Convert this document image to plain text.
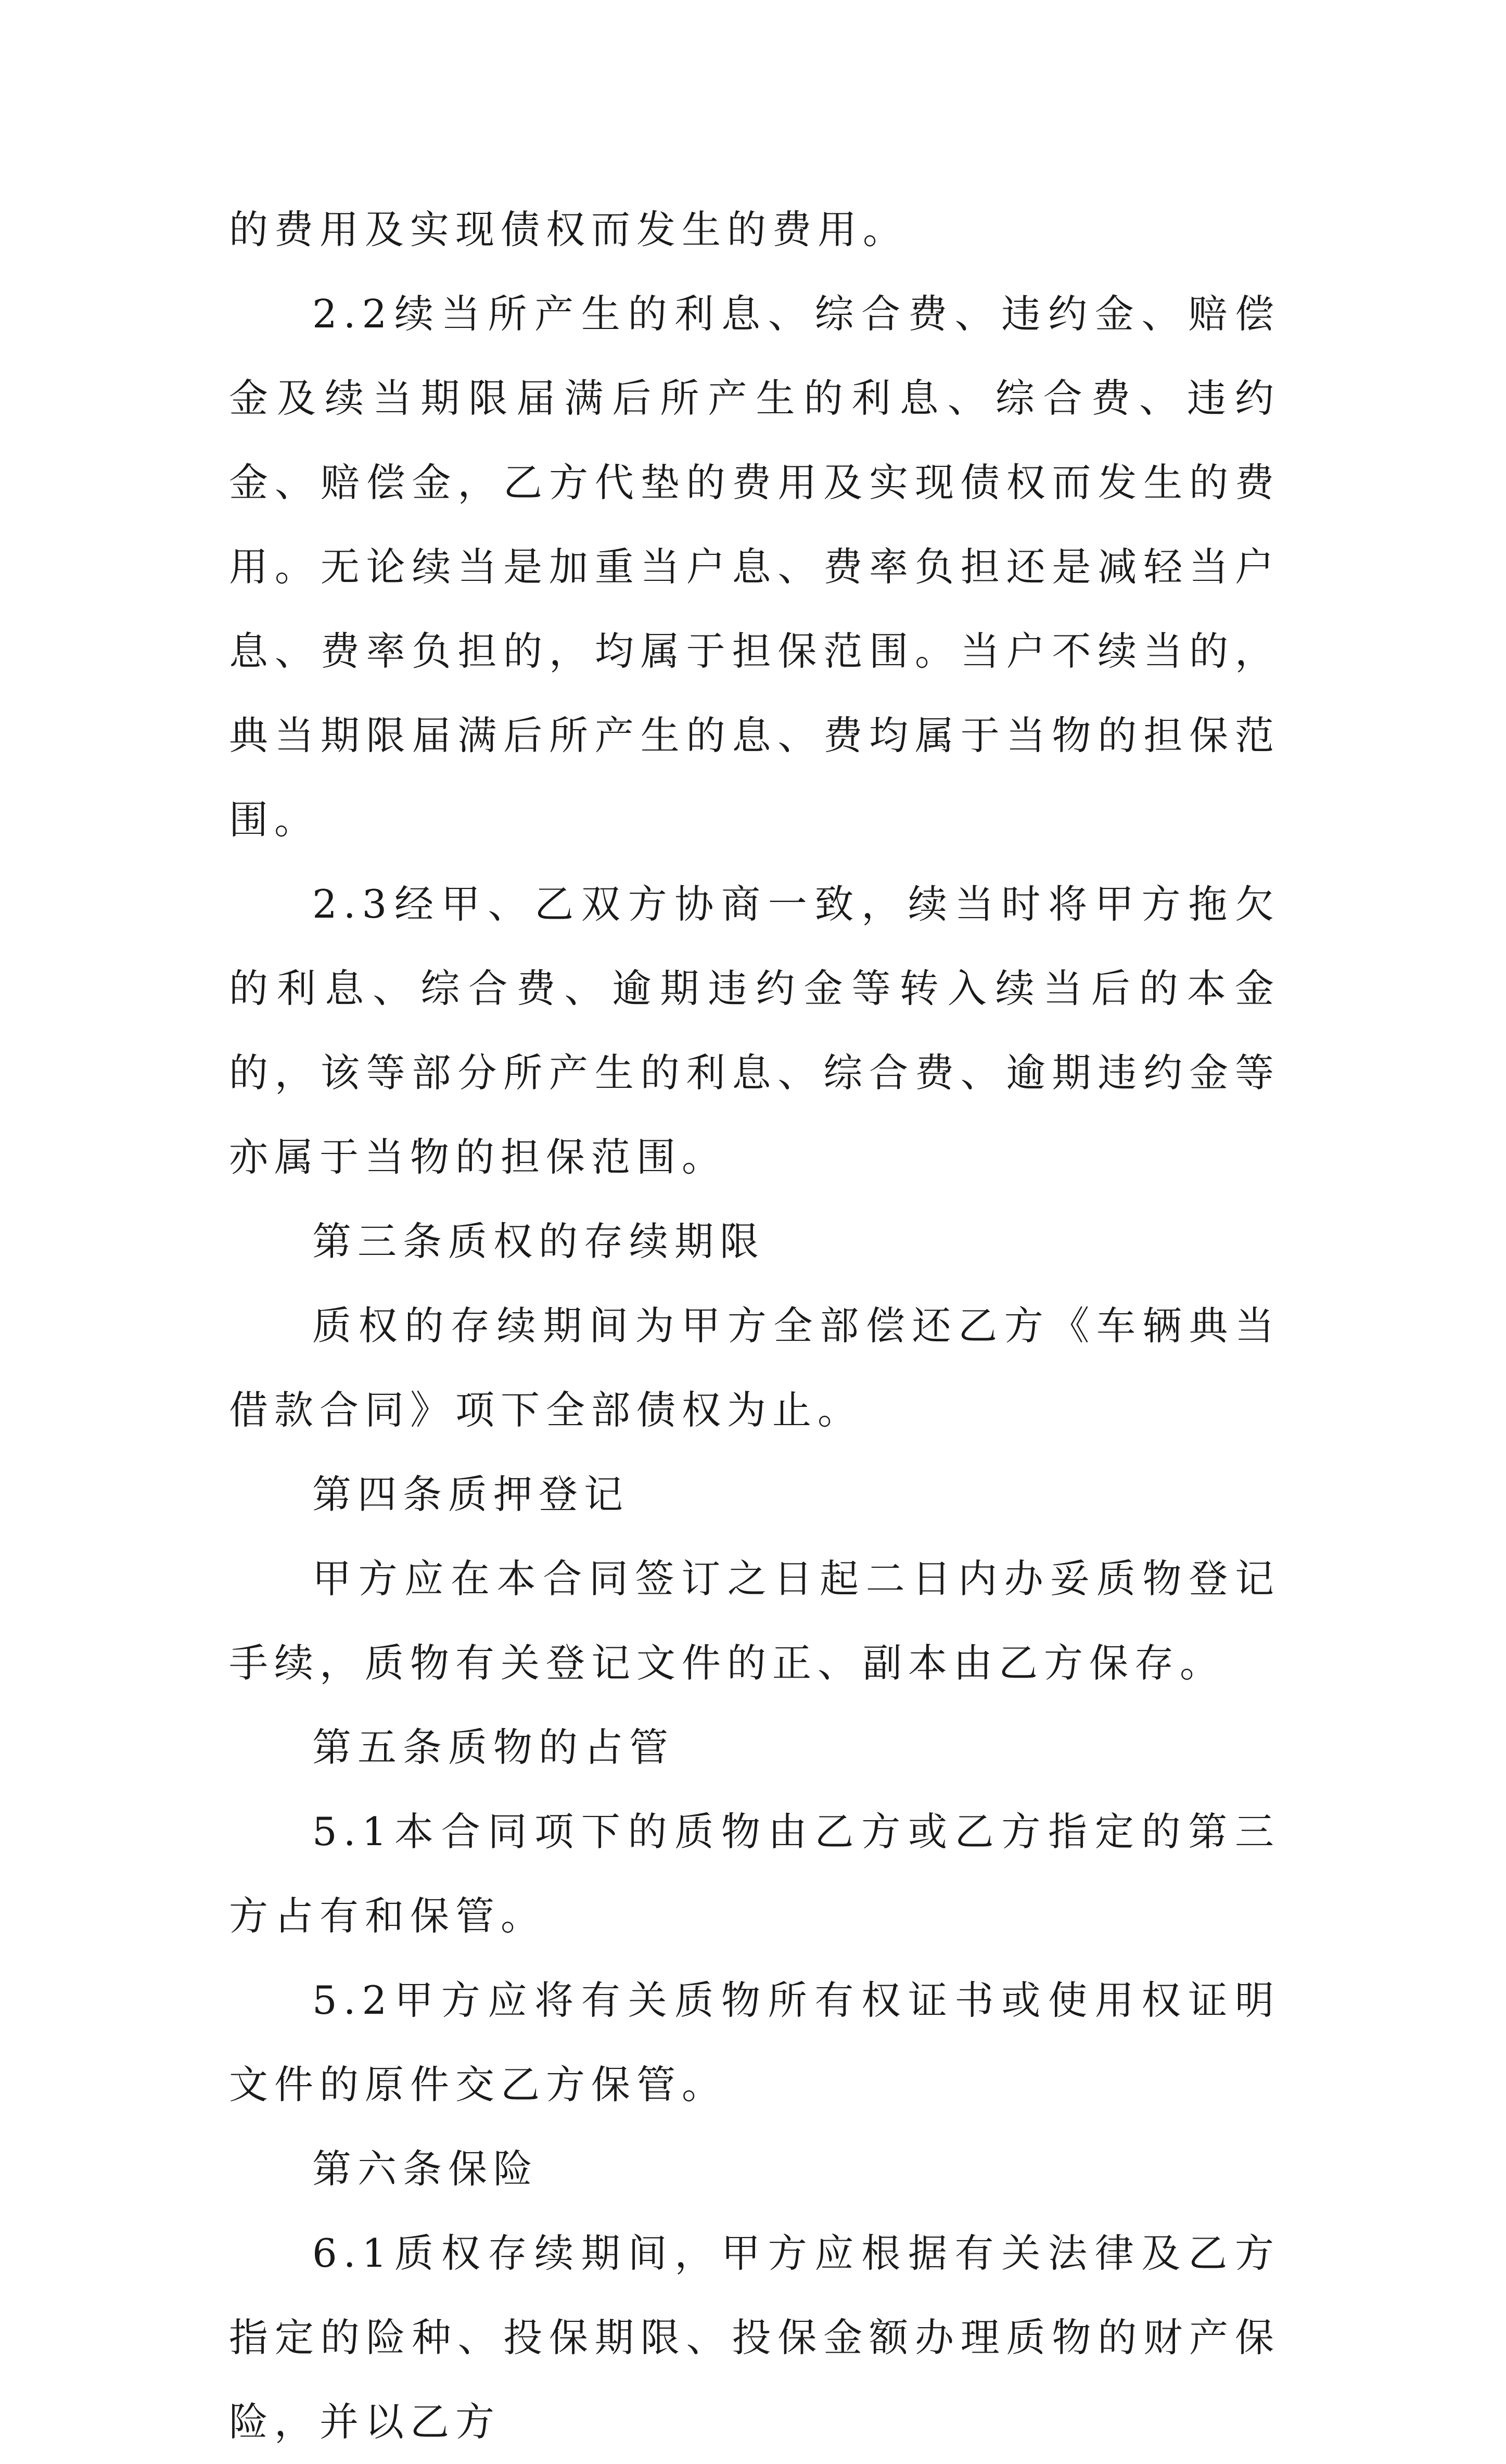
的费用及实现债权而发生的费用。

2.2续当所产生的利息、综合费、违约金、赔偿金及续当期限届满后所产生的利息、综合费、违约金、赔偿金，乙方代垫的费用及实现债权而发生的费用。无论续当是加重当户息、费率负担还是减轻当户息、费率负担的，均属于担保范围。当户不续当的，典当期限届满后所产生的息、费均属于当物的担保范围。

2.3经甲、乙双方协商一致，续当时将甲方拖欠的利息、综合费、逾期违约金等转入续当后的本金的，该等部分所产生的利息、综合费、逾期违约金等亦属于当物的担保范围。

第三条质权的存续期限

质权的存续期间为甲方全部偿还乙方《车辆典当借款合同》项下全部债权为止。

第四条质押登记

甲方应在本合同签订之日起二日内办妥质物登记手续，质物有关登记文件的正、副本由乙方保存。

第五条质物的占管

5.1本合同项下的质物由乙方或乙方指定的第三方占有和保管。

5.2甲方应将有关质物所有权证书或使用权证明文件的原件交乙方保管。

第六条保险

6.1质权存续期间，甲方应根据有关法律及乙方指定的险种、投保期限、投保金额办理质物的财产保险，并以乙方
